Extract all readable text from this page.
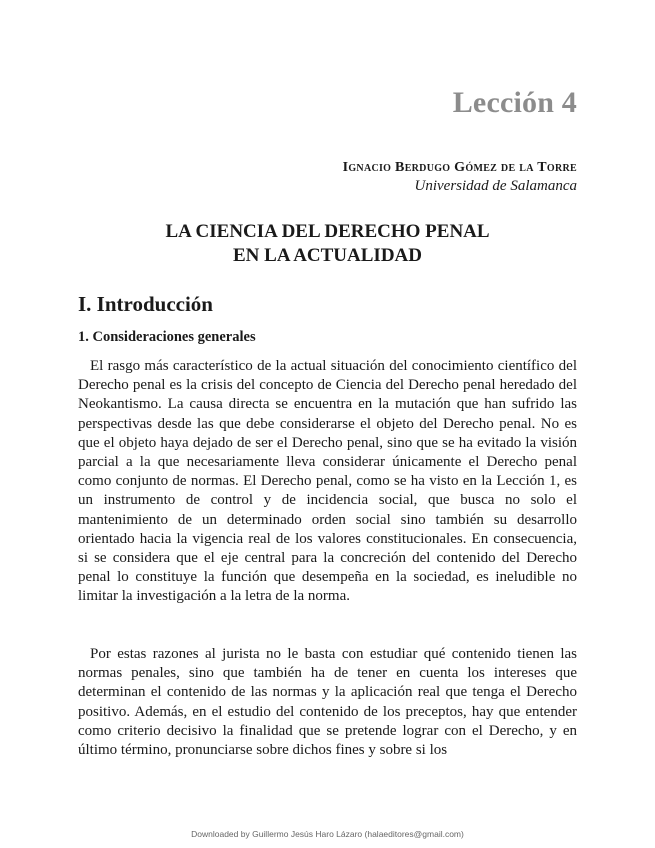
Lección 4
Ignacio Berdugo Gómez de la Torre
Universidad de Salamanca
LA CIENCIA DEL DERECHO PENAL
EN LA ACTUALIDAD
I. Introducción
1. Consideraciones generales

El rasgo más característico de la actual situación del conocimiento científico del Derecho penal es la crisis del concepto de Ciencia del Derecho penal heredado del Neokantismo. La causa directa se encuentra en la mutación que han sufrido las perspectivas desde las que debe considerarse el objeto del Derecho penal. No es que el objeto haya dejado de ser el Derecho penal, sino que se ha evitado la visión parcial a la que necesariamente lleva considerar únicamente el Derecho penal como conjunto de normas. El Derecho penal, como se ha visto en la Lección 1, es un instrumento de control y de incidencia social, que busca no solo el mantenimiento de un determinado orden social sino también su desarrollo orientado hacia la vigencia real de los valores constitucionales. En consecuencia, si se considera que el eje central para la concreción del contenido del Derecho penal lo constituye la función que desempeña en la sociedad, es ineludible no limitar la investigación a la letra de la norma.

Por estas razones al jurista no le basta con estudiar qué contenido tienen las normas penales, sino que también ha de tener en cuenta los intereses que determinan el contenido de las normas y la aplicación real que tenga el Derecho positivo. Además, en el estudio del contenido de los preceptos, hay que entender como criterio decisivo la finalidad que se pretende lograr con el Derecho, y en último término, pronunciarse sobre dichos fines y sobre si los

Downloaded by Guillermo Jesús Haro Lázaro (halaeditores@gmail.com)
